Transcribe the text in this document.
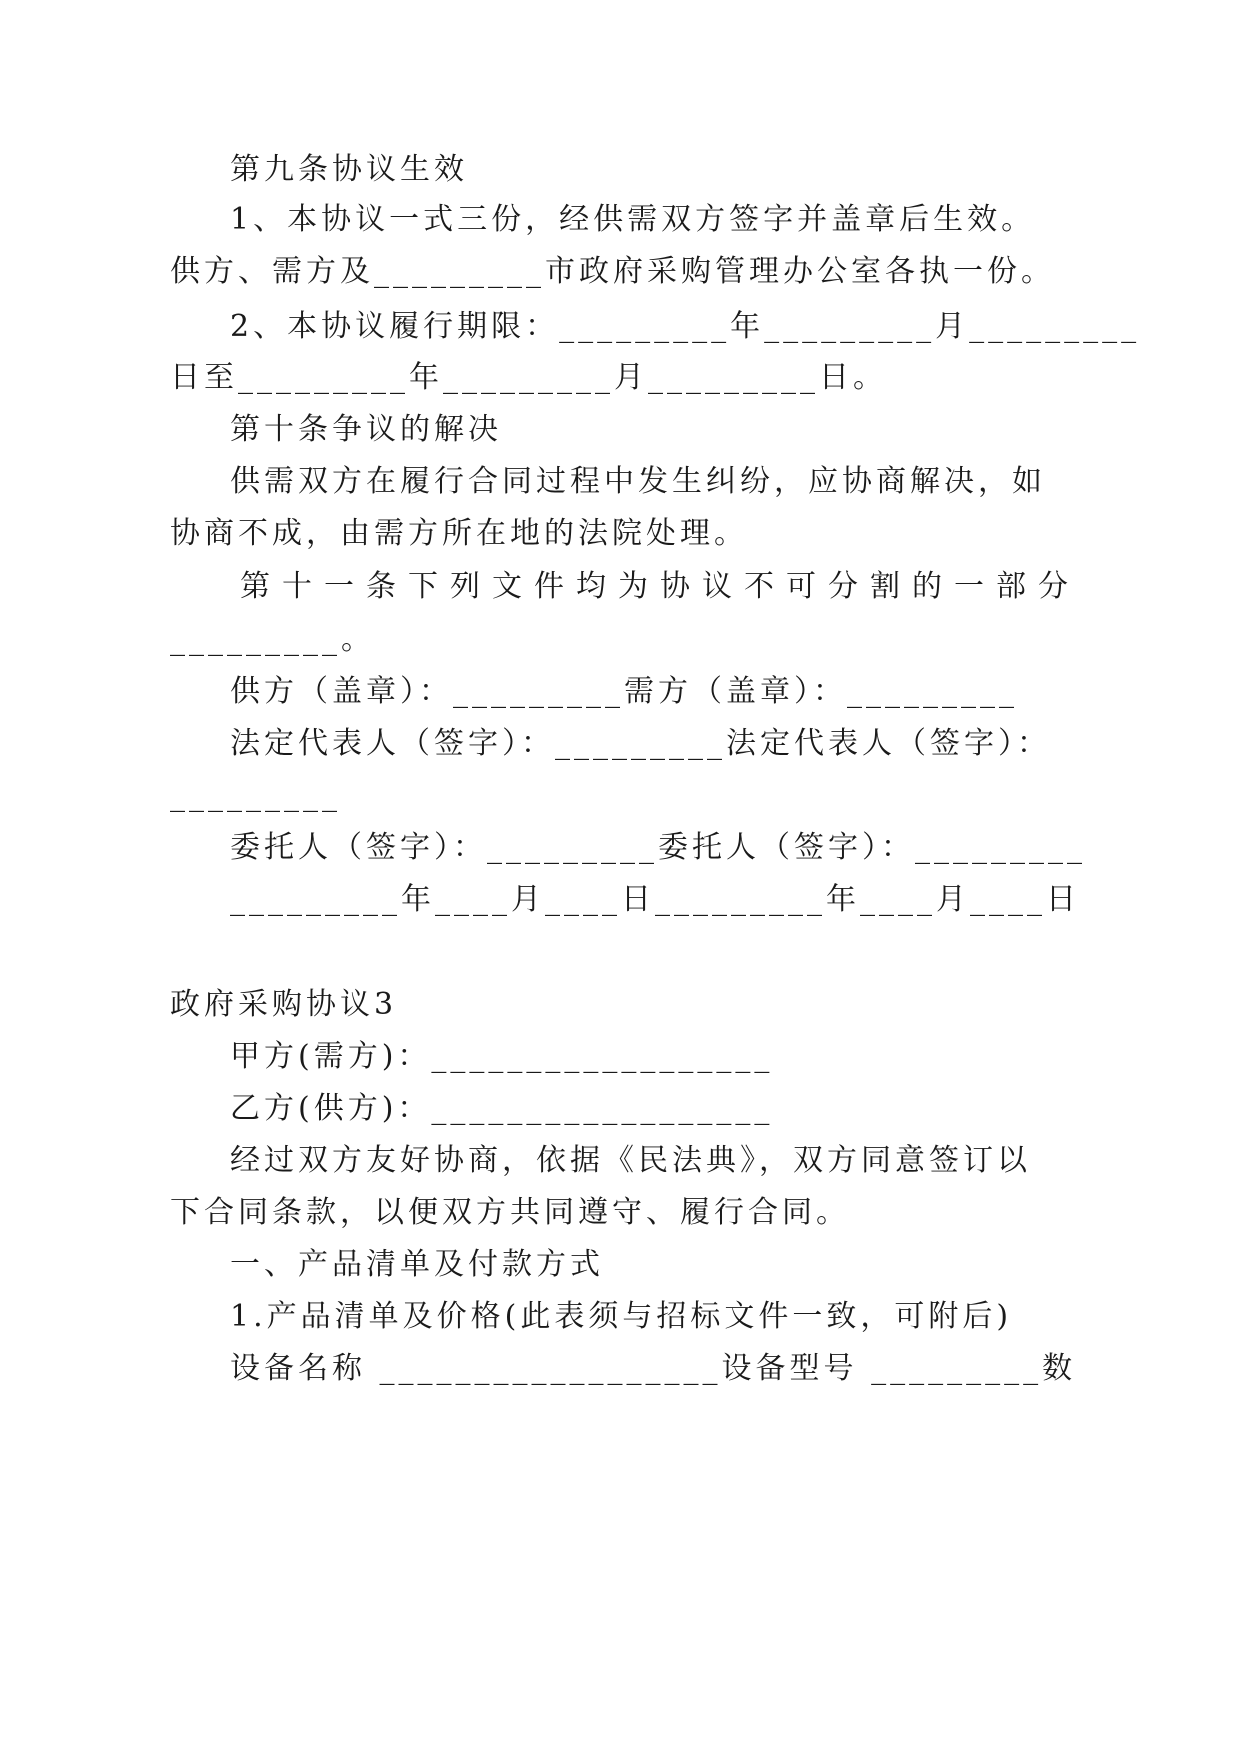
第九条协议生效
1、本协议一式三份，经供需双方签字并盖章后生效。
供方、需方及_________市政府采购管理办公室各执一份。
2、本协议履行期限：_________年_________月_________
日至_________年_________月_________日。
第十条争议的解决
供需双方在履行合同过程中发生纠纷，应协商解决，如
协商不成，由需方所在地的法院处理。
第十一条下列文件均为协议不可分割的一部分
_________。
供方（盖章）：_________需方（盖章）：_________
法定代表人（签字）：_________法定代表人（签字）：
_________
委托人（签字）：_________委托人（签字）：_________
_________年____月____日_________年____月____日
政府采购协议3
甲方(需方)：__________________
乙方(供方)：__________________
经过双方友好协商，依据《民法典》，双方同意签订以
下合同条款，以便双方共同遵守、履行合同。
一、产品清单及付款方式
1.产品清单及价格(此表须与招标文件一致，可附后)
设备名称 __________________设备型号 _________数
